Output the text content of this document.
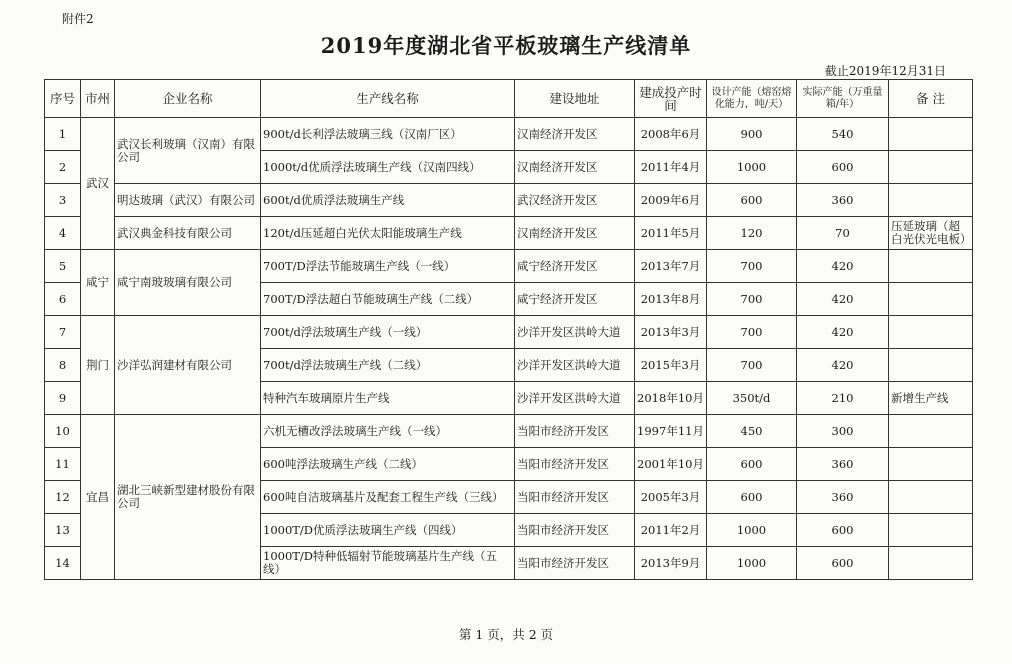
附件2
2019年度湖北省平板玻璃生产线清单
截止2019年12月31日
序号	市州	企业名称	生产线名称	建设地址	建成投产时 间	设计产能（熔窑熔化能力，吨/天）	实际产能（万重量箱/年）	备 注
1	武汉	武汉长利玻璃（汉南）有限公司	900t/d长利浮法玻璃三线（汉南厂区）	汉南经济开发区	2008年6月	900	540	
2			1000t/d优质浮法玻璃生产线（汉南四线）	汉南经济开发区	2011年4月	1000	600	
3		明达玻璃（武汉）有限公司	600t/d优质浮法玻璃生产线	武汉经济开发区	2009年6月	600	360	
4		武汉典金科技有限公司	120t/d压延超白光伏太阳能玻璃生产线	汉南经济开发区	2011年5月	120	70	压延玻璃（超白光伏光电板）
5	咸宁	咸宁南玻玻璃有限公司	700T/D浮法节能玻璃生产线（一线）	咸宁经济开发区	2013年7月	700	420	
6			700T/D浮法超白节能玻璃生产线（二线）	咸宁经济开发区	2013年8月	700	420	
7	荆门	沙洋弘润建材有限公司	700t/d浮法玻璃生产线（一线）	沙洋开发区洪岭大道	2013年3月	700	420	
8			700t/d浮法玻璃生产线（二线）	沙洋开发区洪岭大道	2015年3月	700	420	
9			特种汽车玻璃原片生产线	沙洋开发区洪岭大道	2018年10月	350t/d	210	新增生产线
10	宜昌	湖北三峡新型建材股份有限公司	六机无槽改浮法玻璃生产线（一线）	当阳市经济开发区	1997年11月	450	300	
11			600吨浮法玻璃生产线（二线）	当阳市经济开发区	2001年10月	600	360	
12			600吨自洁玻璃基片及配套工程生产线（三线）	当阳市经济开发区	2005年3月	600	360	
13			1000T/D优质浮法玻璃生产线（四线）	当阳市经济开发区	2011年2月	1000	600	
14			1000T/D特种低辐射节能玻璃基片生产线（五线）	当阳市经济开发区	2013年9月	1000	600	
第 1 页，共 2 页
